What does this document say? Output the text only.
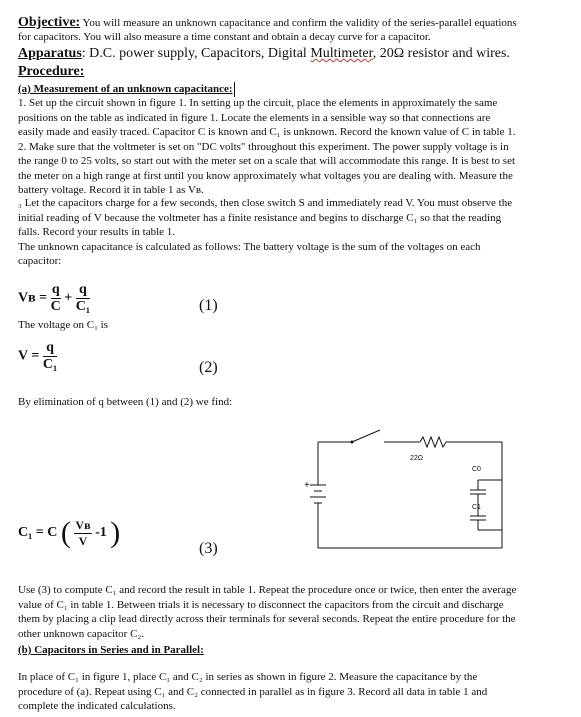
Objective: You will measure an unknown capacitance and confirm the validity of the series-parallel equations
for capacitors. You will also measure a time constant and obtain a decay curve for a capacitor.
Apparatus: D.C. power supply, Capacitors, Digital Multimeter, 20Ω resistor and wires.
Procedure:
(a) Measurement of an unknown capacitance:
1. Set up the circuit shown in figure 1. In setting up the circuit, place the elements in approximately the same
positions on the table as indicated in figure 1. Locate the elements in a sensible way so that connections are
easily made and easily traced. Capacitor C is known and C₁ is unknown. Record the known value of C in table 1.
2. Make sure that the voltmeter is set on "DC volts" throughout this experiment. The power supply voltage is in
the range 0 to 25 volts, so start out with the meter set on a scale that will accommodate this range. It is best to set
the meter on a high range at first until you know approximately what voltages you are dealing with. Measure the
battery voltage. Record it in table 1 as Vʙ.
₃ Let the capacitors charge for a few seconds, then close switch S and immediately read V. You must observe the
initial reading of V because the voltmeter has a finite resistance and begins to discharge C₁ so that the reading
falls. Record your results in table 1.
The unknown capacitance is calculated as follows: The battery voltage is the sum of the voltages on each
capacitor:
Vʙ = $\frac{q}{C} + \frac{q}{\text{C₁}}$	(1)
The voltage on C₁ is
$V = \frac{q}{\text{C₁}}$	(2)
By elimination of q between (1) and (2) we find:
+
22Ω
C0
C1
C₁ = C ( $\frac{\text{Vʙ}}{V} -1$ )	(3)
Use (3) to compute C₁ and record the result in table 1. Repeat the procedure once or twice, then enter the average
value of C₁ in table 1. Between trials it is necessary to disconnect the capacitors from the circuit and discharge
them by placing a clip lead directly across their terminals for several seconds. Repeat the entire procedure for the
other unknown capacitor C₂.
(b) Capacitors in Series and in Parallel:
In place of C₁ in figure 1, place C₁ and C₂ in series as shown in figure 2. Measure the capacitance by the
procedure of (a). Repeat using C₁ and C₂ connected in parallel as in figure 3. Record all data in table 1 and
complete the indicated calculations.
